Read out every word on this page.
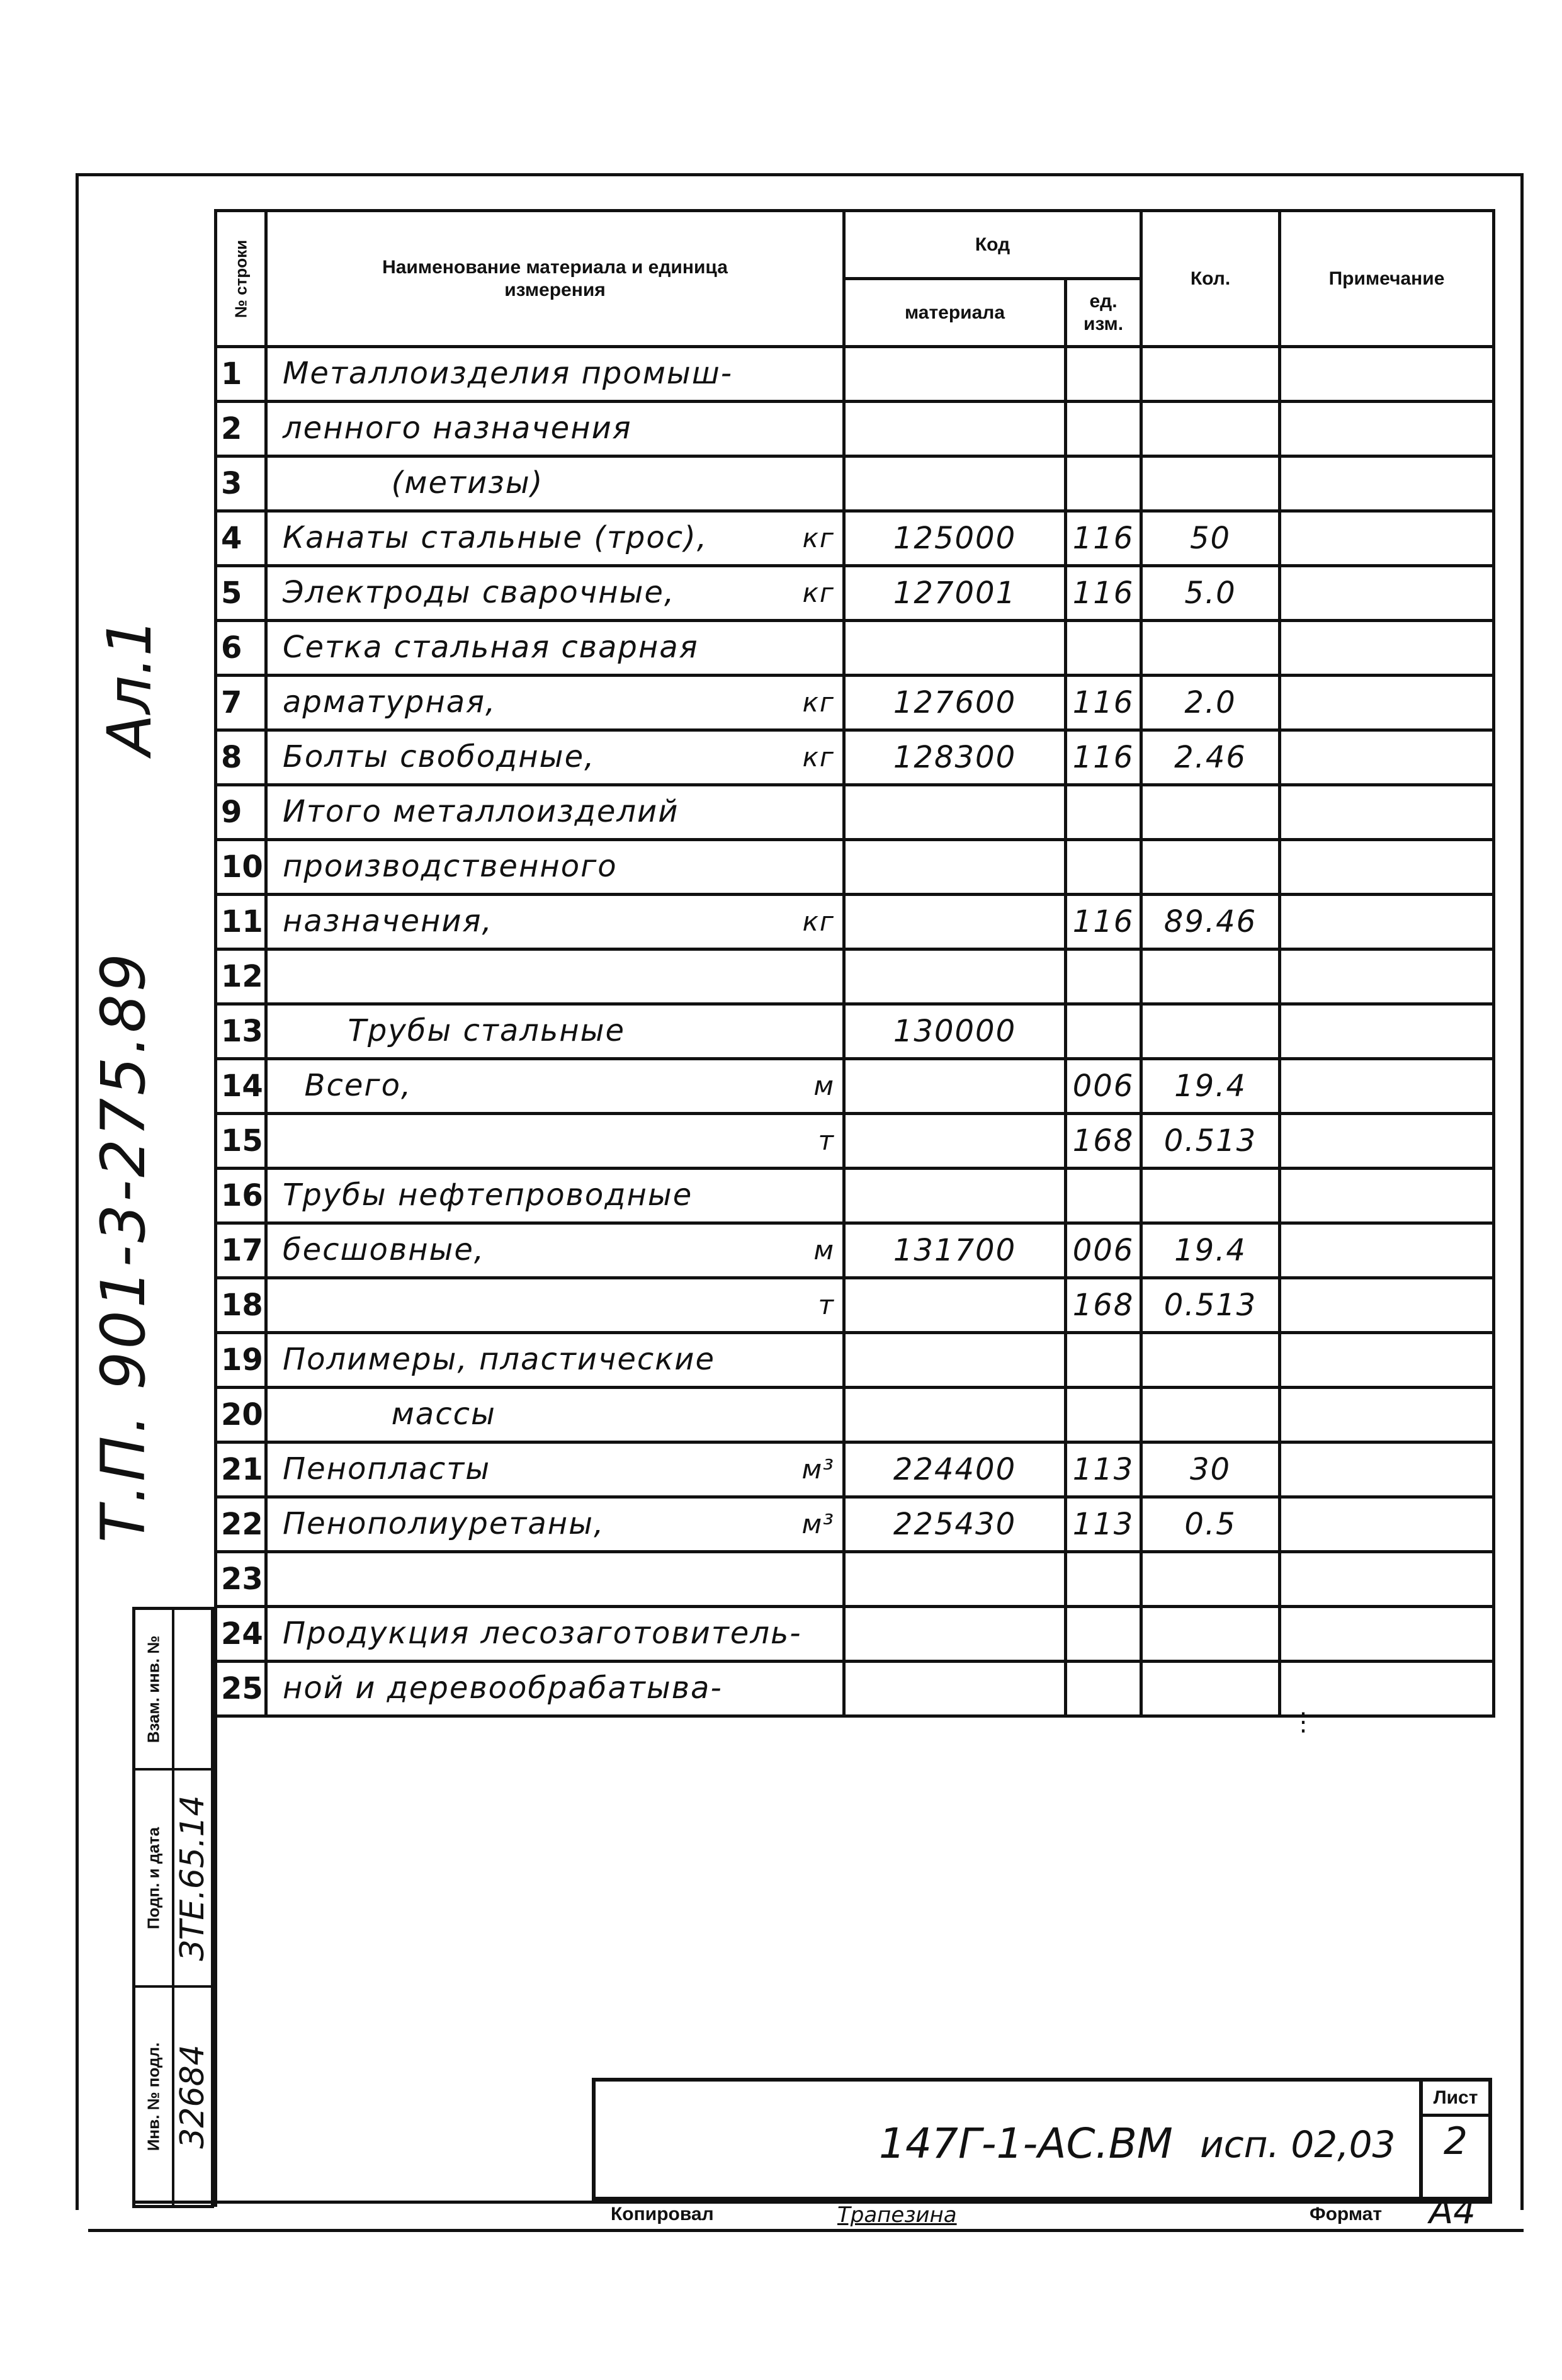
№ строки	Наименование материала и единица измерения	Код		Кол.	Примечание
		материала	ед. изм.		
1	Металлоизделия промыш-				

2	ленного назначения				

3	(метизы)				

4	Канаты стальные (трос), кг	125000	116	50	
5	Электроды сварочные, кг	127001	116	5.0	
6	Сетка стальная сварная				

7	арматурная, кг	127600	116	2.0	
8	Болты свободные, кг	128300	116	2.46	
9	Итого металлоизделий				

10	производственного				

11	назначения, кг		116	89.46	
12	

13	Трубы стальные	130000			
14	Всего, м		006	19.4	
15	т		168	0.513	
16	Трубы нефтепроводные				

17	бесшовные, м	131700	006	19.4	
18	т		168	0.513	
19	Полимеры, пластические				

20	массы				

21	Пенопласты м³	224400	113	30	
22	Пенополиуретаны, м³	225430	113	0.5	
23	

24	Продукция лесозаготовитель-				

25	ной и деревообрабатыва-				

Т.П. 901-3-275.89
Ал.1
Взам. инв. №
Подп. и дата
Инв. № подл.
ЗТЕ.65.14
32684	147Г-1-АС.ВМ исп. 02,03
Лист
2
Копировал	Трапезина	Формат А4
⋮
